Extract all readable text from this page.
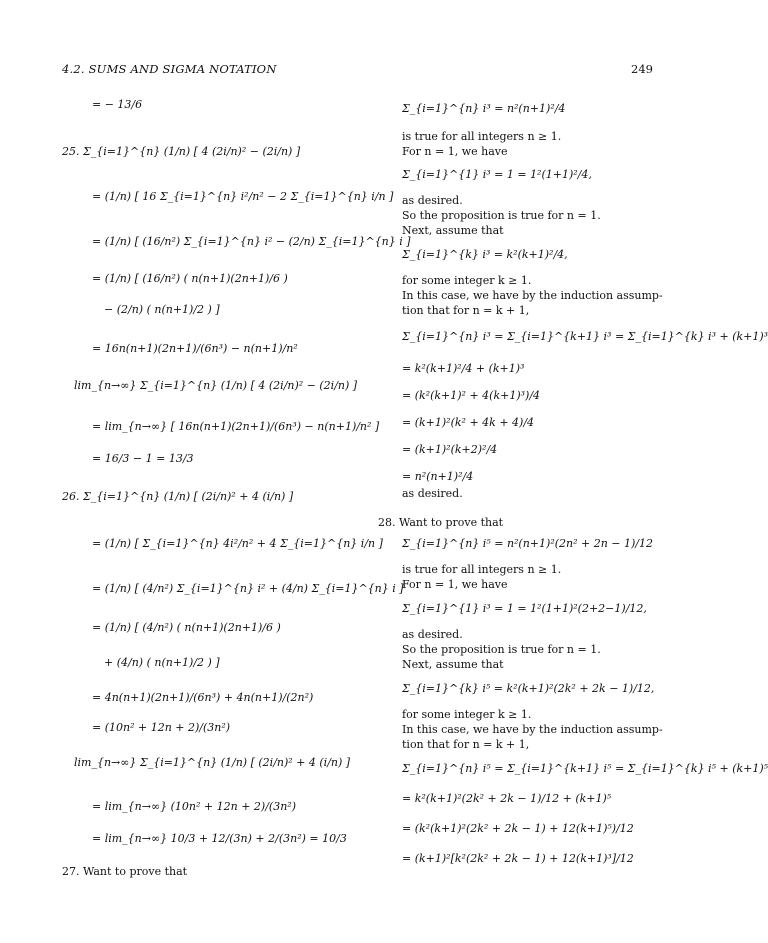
4.2. SUMS AND SIGMA NOTATION	249
= − 13/6
25. Σ_{i=1}^{n} (1/n) [ 4 (2i/n)² − (2i/n) ]
= (1/n) [ 16 Σ_{i=1}^{n} i²/n² − 2 Σ_{i=1}^{n} i/n ]
= (1/n) [ (16/n²) Σ_{i=1}^{n} i² − (2/n) Σ_{i=1}^{n} i ]
= (1/n) [ (16/n²) ( n(n+1)(2n+1)/6 )
− (2/n) ( n(n+1)/2 ) ]
= 16n(n+1)(2n+1)/(6n³) − n(n+1)/n²
lim_{n→∞} Σ_{i=1}^{n} (1/n) [ 4 (2i/n)² − (2i/n) ]
= lim_{n→∞} [ 16n(n+1)(2n+1)/(6n³) − n(n+1)/n² ]
= 16/3 − 1 = 13/3
26. Σ_{i=1}^{n} (1/n) [ (2i/n)² + 4 (i/n) ]
= (1/n) [ Σ_{i=1}^{n} 4i²/n² + 4 Σ_{i=1}^{n} i/n ]
= (1/n) [ (4/n²) Σ_{i=1}^{n} i² + (4/n) Σ_{i=1}^{n} i ]
= (1/n) [ (4/n²) ( n(n+1)(2n+1)/6 )
+ (4/n) ( n(n+1)/2 ) ]
= 4n(n+1)(2n+1)/(6n³) + 4n(n+1)/(2n²)
= (10n² + 12n + 2)/(3n²)
lim_{n→∞} Σ_{i=1}^{n} (1/n) [ (2i/n)² + 4 (i/n) ]
= lim_{n→∞} (10n² + 12n + 2)/(3n²)
= lim_{n→∞} 10/3 + 12/(3n) + 2/(3n²) = 10/3
27. Want to prove that
Σ_{i=1}^{n} i³ = n²(n+1)²/4
is true for all integers n ≥ 1.
For n = 1, we have
Σ_{i=1}^{1} i³ = 1 = 1²(1+1)²/4,
as desired.
So the proposition is true for n = 1.
Next, assume that
Σ_{i=1}^{k} i³ = k²(k+1)²/4,
for some integer k ≥ 1.
In this case, we have by the induction assump-
tion that for n = k + 1,
Σ_{i=1}^{n} i³ = Σ_{i=1}^{k+1} i³ = Σ_{i=1}^{k} i³ + (k+1)³
= k²(k+1)²/4 + (k+1)³
= (k²(k+1)² + 4(k+1)³)/4
= (k+1)²(k² + 4k + 4)/4
= (k+1)²(k+2)²/4
= n²(n+1)²/4
as desired.
28. Want to prove that
Σ_{i=1}^{n} i⁵ = n²(n+1)²(2n² + 2n − 1)/12
is true for all integers n ≥ 1.
For n = 1, we have
Σ_{i=1}^{1} i³ = 1 = 1²(1+1)²(2+2−1)/12,
as desired.
So the proposition is true for n = 1.
Next, assume that
Σ_{i=1}^{k} i⁵ = k²(k+1)²(2k² + 2k − 1)/12,
for some integer k ≥ 1.
In this case, we have by the induction assump-
tion that for n = k + 1,
Σ_{i=1}^{n} i⁵ = Σ_{i=1}^{k+1} i⁵ = Σ_{i=1}^{k} i⁵ + (k+1)⁵
= k²(k+1)²(2k² + 2k − 1)/12 + (k+1)⁵
= (k²(k+1)²(2k² + 2k − 1) + 12(k+1)⁵)/12
= (k+1)²[k²(2k² + 2k − 1) + 12(k+1)³]/12
